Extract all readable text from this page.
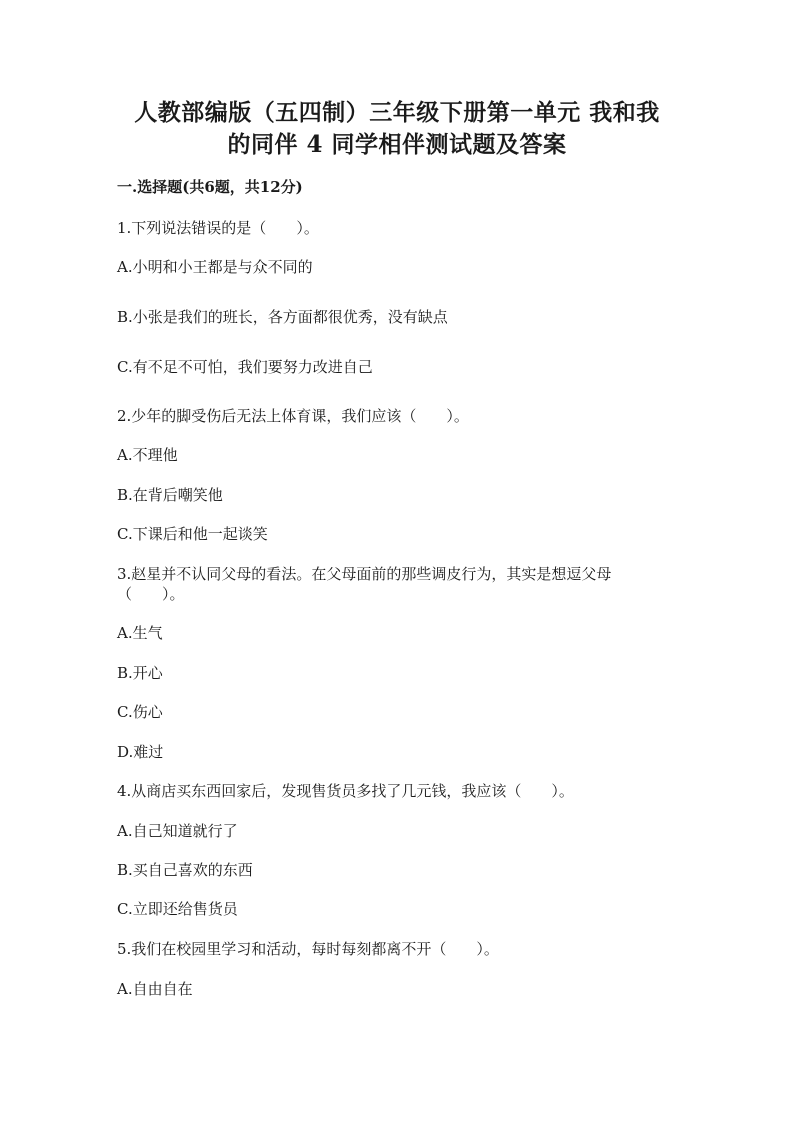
人教部编版（五四制）三年级下册第一单元 我和我
的同伴 4 同学相伴测试题及答案
一.选择题(共6题，共12分)
1.下列说法错误的是（　　）。
A.小明和小王都是与众不同的
B.小张是我们的班长，各方面都很优秀，没有缺点
C.有不足不可怕，我们要努力改进自己
2.少年的脚受伤后无法上体育课，我们应该（　　）。
A.不理他
B.在背后嘲笑他
C.下课后和他一起谈笑
3.赵星并不认同父母的看法。在父母面前的那些调皮行为，其实是想逗父母
（　　）。
A.生气
B.开心
C.伤心
D.难过
4.从商店买东西回家后，发现售货员多找了几元钱，我应该（　　）。
A.自己知道就行了
B.买自己喜欢的东西
C.立即还给售货员
5.我们在校园里学习和活动，每时每刻都离不开（　　）。
A.自由自在
